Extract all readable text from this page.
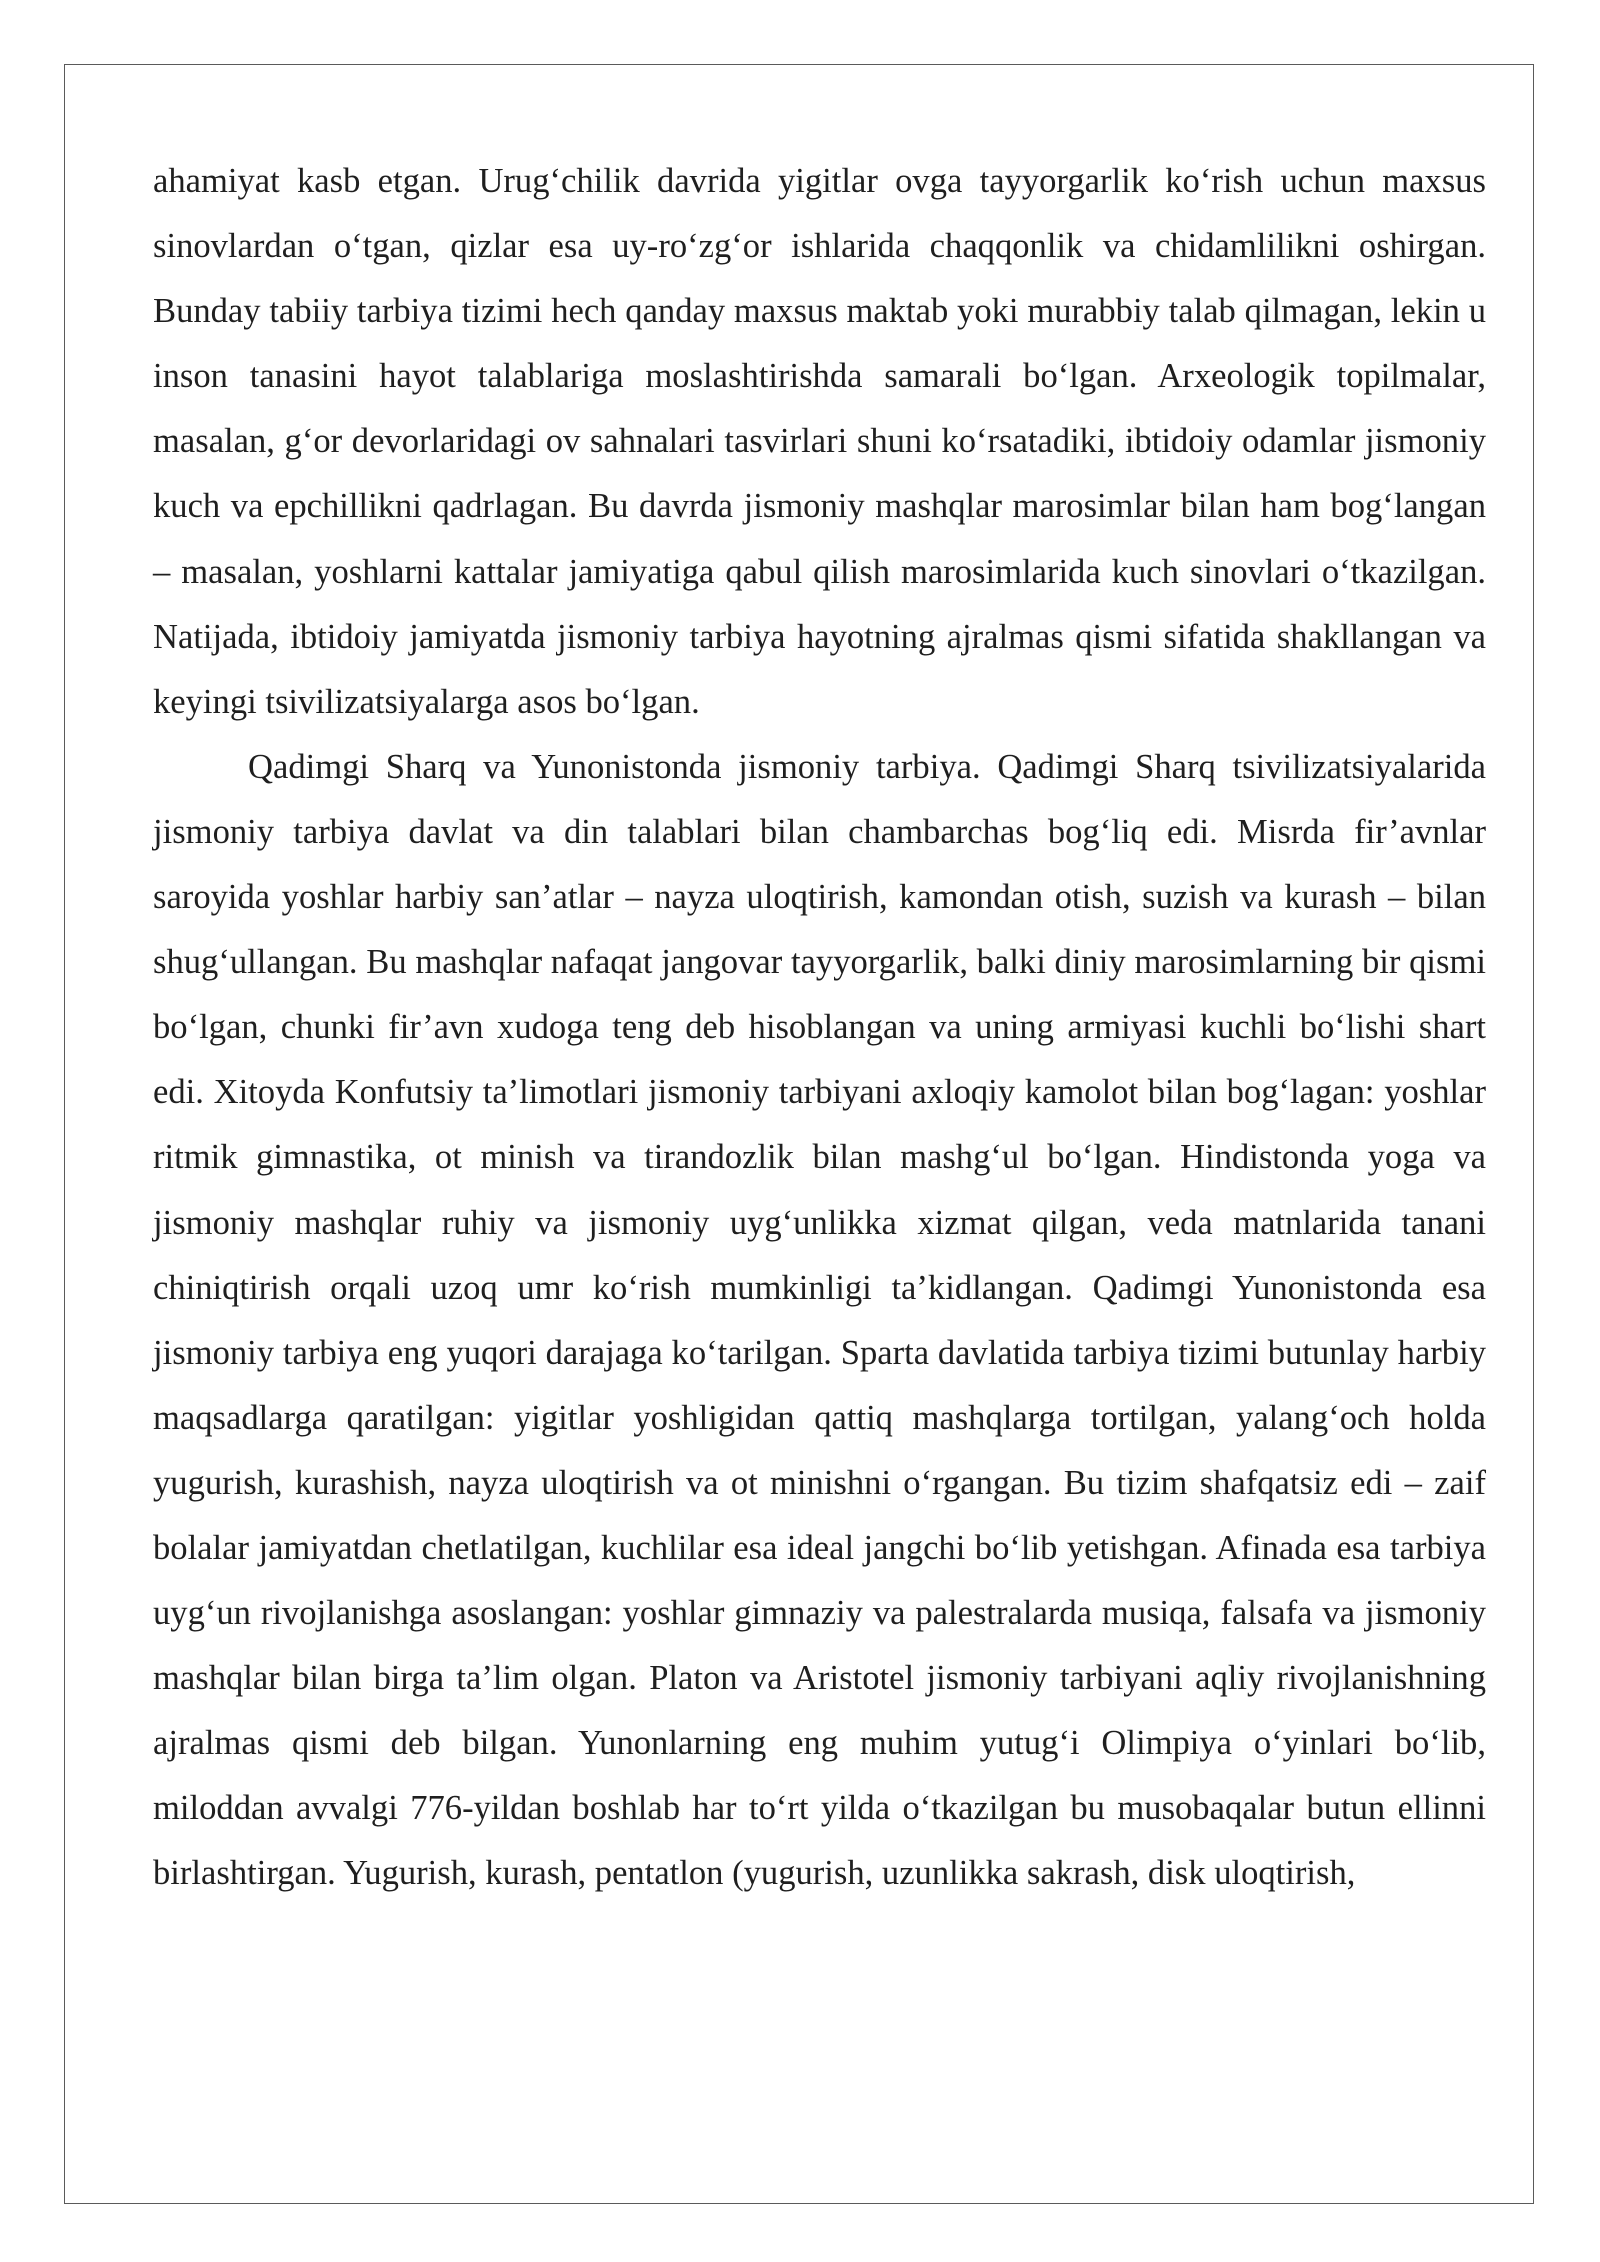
ahamiyat kasb etgan. Urug‘chilik davrida yigitlar ovga tayyorgarlik ko‘rish uchun maxsus sinovlardan o‘tgan, qizlar esa uy-ro‘zg‘or ishlarida chaqqonlik va chidamlilikni oshirgan. Bunday tabiiy tarbiya tizimi hech qanday maxsus maktab yoki murabbiy talab qilmagan, lekin u inson tanasini hayot talablariga moslashtirishda samarali bo‘lgan. Arxeologik topilmalar, masalan, g‘or devorlaridagi ov sahnalari tasvirlari shuni ko‘rsatadiki, ibtidoiy odamlar jismoniy kuch va epchillikni qadrlagan. Bu davrda jismoniy mashqlar marosimlar bilan ham bog‘langan – masalan, yoshlarni kattalar jamiyatiga qabul qilish marosimlarida kuch sinovlari o‘tkazilgan. Natijada, ibtidoiy jamiyatda jismoniy tarbiya hayotning ajralmas qismi sifatida shakllangan va keyingi tsivilizatsiyalarga asos bo‘lgan.

Qadimgi Sharq va Yunonistonda jismoniy tarbiya. Qadimgi Sharq tsivilizatsiyalarida jismoniy tarbiya davlat va din talablari bilan chambarchas bog‘liq edi. Misrda fir’avnlar saroyida yoshlar harbiy san’atlar – nayza uloqtirish, kamondan otish, suzish va kurash – bilan shug‘ullangan. Bu mashqlar nafaqat jangovar tayyorgarlik, balki diniy marosimlarning bir qismi bo‘lgan, chunki fir’avn xudoga teng deb hisoblangan va uning armiyasi kuchli bo‘lishi shart edi. Xitoyda Konfutsiy ta’limotlari jismoniy tarbiyani axloqiy kamolot bilan bog‘lagan: yoshlar ritmik gimnastika, ot minish va tirandozlik bilan mashg‘ul bo‘lgan. Hindistonda yoga va jismoniy mashqlar ruhiy va jismoniy uyg‘unlikka xizmat qilgan, veda matnlarida tanani chiniqtirish orqali uzoq umr ko‘rish mumkinligi ta’kidlangan. Qadimgi Yunonistonda esa jismoniy tarbiya eng yuqori darajaga ko‘tarilgan. Sparta davlatida tarbiya tizimi butunlay harbiy maqsadlarga qaratilgan: yigitlar yoshligidan qattiq mashqlarga tortilgan, yalang‘och holda yugurish, kurashish, nayza uloqtirish va ot minishni o‘rgangan. Bu tizim shafqatsiz edi – zaif bolalar jamiyatdan chetlatilgan, kuchlilar esa ideal jangchi bo‘lib yetishgan. Afinada esa tarbiya uyg‘un rivojlanishga asoslangan: yoshlar gimnaziy va palestralarda musiqa, falsafa va jismoniy mashqlar bilan birga ta’lim olgan. Platon va Aristotel jismoniy tarbiyani aqliy rivojlanishning ajralmas qismi deb bilgan. Yunonlarning eng muhim yutug‘i Olimpiya o‘yinlari bo‘lib, miloddan avvalgi 776-yildan boshlab har to‘rt yilda o‘tkazilgan bu musobaqalar butun ellinni birlashtirgan. Yugurish, kurash, pentatlon (yugurish, uzunlikka sakrash, disk uloqtirish,
